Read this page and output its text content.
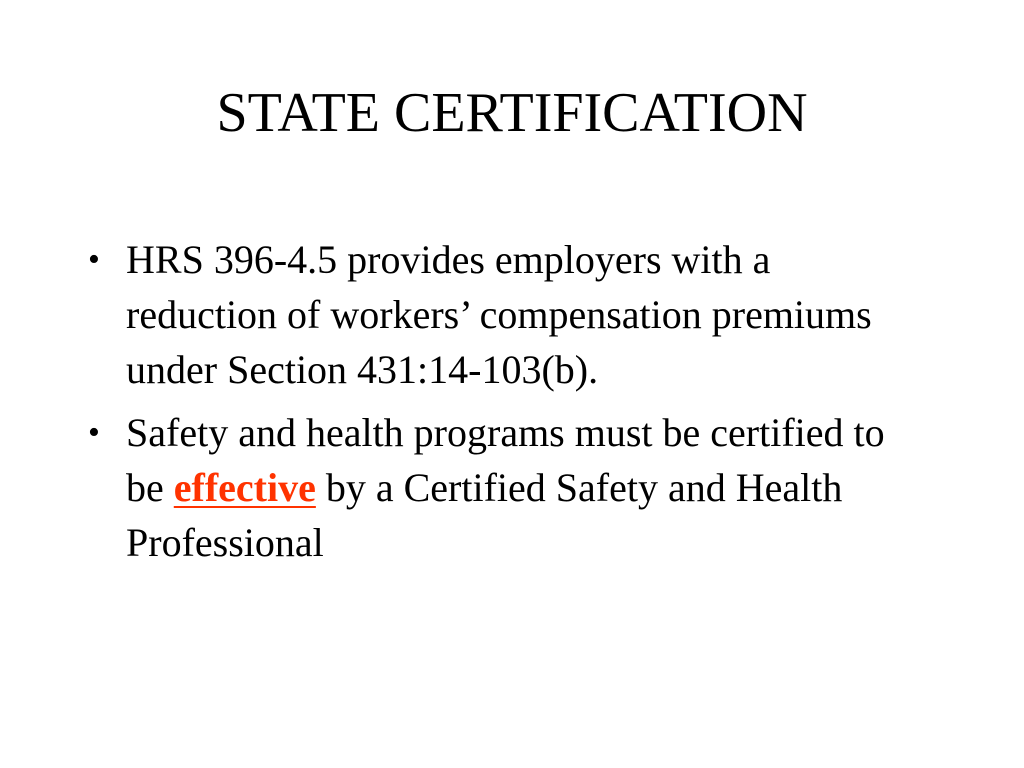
STATE CERTIFICATION
• HRS 396-4.5 provides employers with a reduction of workers’ compensation premiums under Section 431:14-103(b).
• Safety and health programs must be certified to be effective by a Certified Safety and Health Professional
